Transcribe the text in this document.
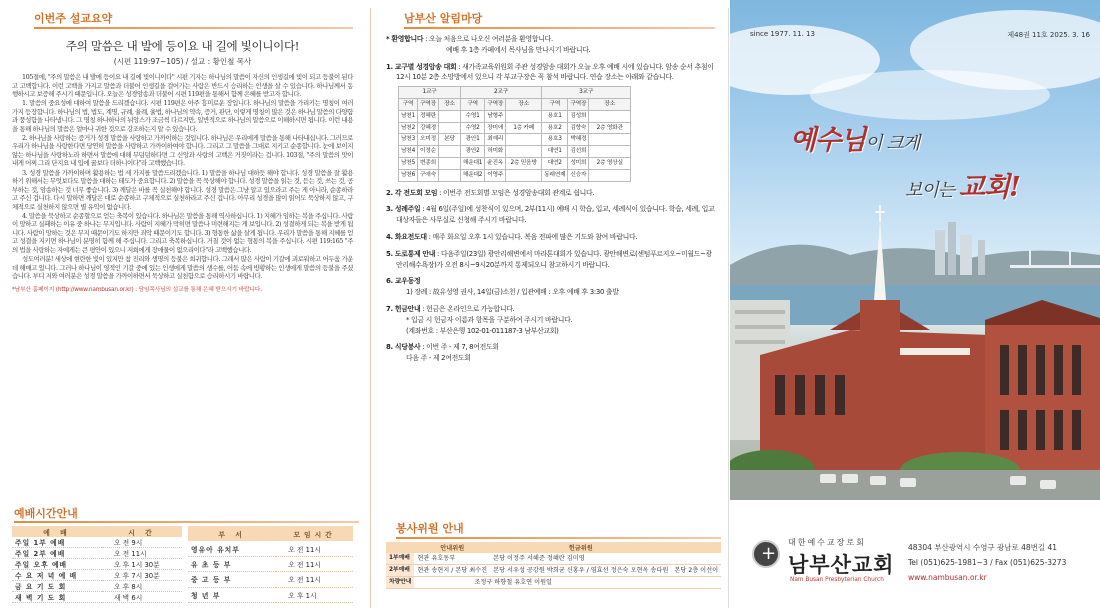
이번주 설교요약
주의 말씀은 내 발에 등이요 내 길에 빛이니이다!
(시편 119:97~105) / 설교 : 황인철 목사

105절에, "주의 말씀은 내 발에 등이요 내 길에 빛이니이다" 시편 기자는 하나님의 말씀이 자신의 인생길에 빛이 되고 등불이 된다고 고백합니다. 이런 고백을 가지고 말씀과 더불어 인생길을 걸어가는 사람은 반드시 승리하는 인생을 살 수 있습니다. 하나님께서 동행하시고 보증해 주시기 때문입니다. 오늘은 성경암송과 더불어 시편 119편을 통해서 함께 은혜를 받고자 합니다.

1. 말씀의 중요성에 대하여 말씀을 드리겠습니다. 시편 119편은 아주 흥미로운 장입니다. 하나님의 말씀을 가리키는 명칭이 여러 가지 등장합니다. 하나님의 법, 법도, 계명, 규례, 율례, 율법, 하나님의 약속, 증거, 판단, 이렇게 명칭이 많은 것은 하나님 말씀의 다양함과 풍성함을 나타냅니다. 그 명칭 하나하나의 뉘앙스가 조금씩 다르지만, 일반적으로 하나님의 말씀으로 이해하시면 됩니다. 이런 내용을 통해 하나님의 말씀은 얼마나 귀한 것으로 강조하는지 알 수 있습니다.

2. 하나님을 사랑하는 증거가 성경 말씀을 사랑하고 가까이하는 것입니다. 하나님은 우리에게 말씀을 통해 나타내십니다. 그러므로 우리가 하나님을 사랑한다면 당연히 말씀을 사랑하고 가까이하여야 합니다. 그리고 그 말씀을 그대로 지키고 순종합니다. 눈에 보이지 않는 하나님을 사랑하노라 하면서 말씀에 대해 무덤덤하다면 그 신앙과 사랑의 고백은 거짓이라는 겁니다. 103절, "주의 말씀의 맛이 내게 어찌 그리 단지요 내 입에 꿀보다 더하니이다"라 고백했습니다.

3. 성경 말씀을 가까이하며 활용하는 법 세 가지를 말씀드리겠습니다. 1) 말씀을 하나님 대하듯 해야 합니다. 성경 말씀을 잘 활용하기 위해서는 무엇보다도 말씀을 대하는 태도가 중요합니다. 2) 말씀을 꼭 묵상해야 합니다. 성경 말씀을 읽는 것, 듣는 것, 쓰는 것, 공부하는 것, 암송하는 것 너무 좋습니다. 3) 깨달은 바를 꼭 실천해야 합니다. 성경 말씀은 그냥 알고 있으라고 주는 게 아니라, 순종하라고 주신 겁니다. 다시 말하면 깨달은 대로 순종하고 구체적으로 실천하라고 주신 겁니다. 아무리 성경을 많이 읽어도 묵상하지 않고, 구체적으로 실천하지 않으면 별 유익이 없습니다.

4. 말씀을 묵상하고 순종할으로 얻는 축복이 있습니다. 하나님은 말씀을 통해 역사하십니다. 1) 지혜가 임하는 복을 주십니다. 사람이 망하고 실패하는 이유 중 하나는 무지입니다. 사람이 지혜가 막히면 말씀나 미련해지는 게 보입니다. 2) 성결하게 되는 복을 받게 됩니다. 사람이 망하는 것은 무지 때문이기도 하지만 죄악 때문이기도 합니다. 3) 형통한 삶을 살게 됩니다. 우리가 말씀을 통해 지혜를 얻고 성결을 지키면 하나님이 분명히 함께 해 주십니다. 그리고 축복하십니다. 거칠 것이 없는 형통의 복을 주십니다. 시편 119:165 "주의 법을 사랑하는 자에게는 큰 평안이 있으니 저희에게 장애물이 없으리이다"라 고백했습니다.

성도여러분! 세상에 현란한 빛이 있지만 참 진리와 생명의 등불은 희귀합니다. 그래서 많은 사람이 기갈에 괴로워하고 어두움 가운데 해매고 있니다. 그러나 하나님이 영적인 기갈 중에 있는 인생에게 말씀의 생수를, 어둠 속에 방황하는 인생에게 말씀의 등불을 주셨습니다. 부디 저와 여러분은 성경 말씀을 가까이하면서 묵상하고 실천함으로 승리하시기 바랍니다.

*남부산 홈페이지 (http://www.nambusan.or.kr) : 담임목사님의 설교를 통해 은혜 받으시기 바랍니다.
예배시간안내
예 배	시 간
주일 1부 예배	오 전 9시
주일 2부 예배	오 전 11시
주일 오후 예배	오 후 1시 30분
수 요 저 녁 예 배	오 후 7시 30분
금 요 기 도 회	오 후 8시
새 벽 기 도 회	새 벽 6시
부 서	모임시간
영유아 유치부	오 전 11시
유 초 등 부	오 전 11시
중 고 등 부	오 전 11시
청 년 부	오 후 1시
남부산 알림마당
* 환영합니다 : 오늘 처음으로 나오신 여러분을 환영합니다.
예배 후 1층 카페에서 목사님을 만나시기 바랍니다.
1. 교구별 성경암송 대회 : 새가족교육위원회 주관 성경암송 대회가 오늘 오후 예배 시에 있습니다. 암송 순서 추첨이 12시 10분 2층 소망방에서 있으니 각 부교구장은 꼭 참석 바랍니다. 연습 장소는 아래와 같습니다.
1교구			2교구			3교구		
구역	구역장	장소	구역	구역장	장소	구역	구역장	장소
남천1	정혜란		수영1	남형주		용호1	김성희	
남천2	강혜경		수영2	장미애	1층 카페	용호2	김향숙	2층 영화관
남천3	오미정	본당	광안1	최예리		용호3	박혜경	
남천4	이정순		광안2	허미화		대연1	김선희	
남천5	변종희		해운대1	윤진옥	2층 믿음방	대연2	성미희	2층 영상실
남천6	구애숙		해운대2	이영주		동래연제	신승자	
2. 각 전도회 모임 : 이번주 전도회별 모임은 성경암송대회 관계로 쉽니다.
3. 성례주일 : 4월 6일(주일)에 성찬식이 있으며, 2부(11시) 예배 시 학습, 입교, 세례식이 있습니다. 학습, 세례, 입교대상자들은 사무실로 신청해 주시기 바랍니다.
4. 화요전도대 : 매주 화요일 오후 1시 있습니다. 복음 전파에 많은 기도와 참여 바랍니다.
5. 도로통제 안내 : 다음주일(23일) 광안리해변에서 마라톤대회가 있습니다. 광안해변로(센텀푸르지오~미월드~광안리해수욕장)가 오전 8시~9시20분까지 통제되오니 참고하시기 바랍니다.
6. 교우동정
1) 장례 : 故유성영 권사, 14일(금)소천 / 입관예배 : 오후 예배 후 3:30 출발
7. 헌금안내 : 헌금은 온라인으로 가능합니다.
* 입금 시 헌금자 이름과 항목을 구분하여 주시기 바랍니다.
(계좌번호 : 부산은행 102-01-011187-3 남부산교회)
8. 식당봉사 : 이번 주 - 제 7, 8여전도회
다음 주 - 제 2여전도회
봉사위원 안내
	안내위원	헌금위원	
1부예배	현관 유호동부	본당 이정주 서해준 정혜란 김미영	
2부예배	현관 송현지 / 본당 최수진	본당 서우성 공강원 박희균 신홍우 / 염효선 정은숙 오현옥 송다원	본당 2층 이선이
차량안내	조정구 하향철 유호연 이원일		
since 1977. 11. 13	제48권 11호 2025. 3. 16
예수님이 크게
보이는 교회!
+
대한예수교장로회
남부산교회
Nam Busan Presbyterian Church
48304 부산광역시 수영구 광남로 48번길 41
Tel (051)625-1981~3 / Fax (051)625-3273
www.nambusan.or.kr
